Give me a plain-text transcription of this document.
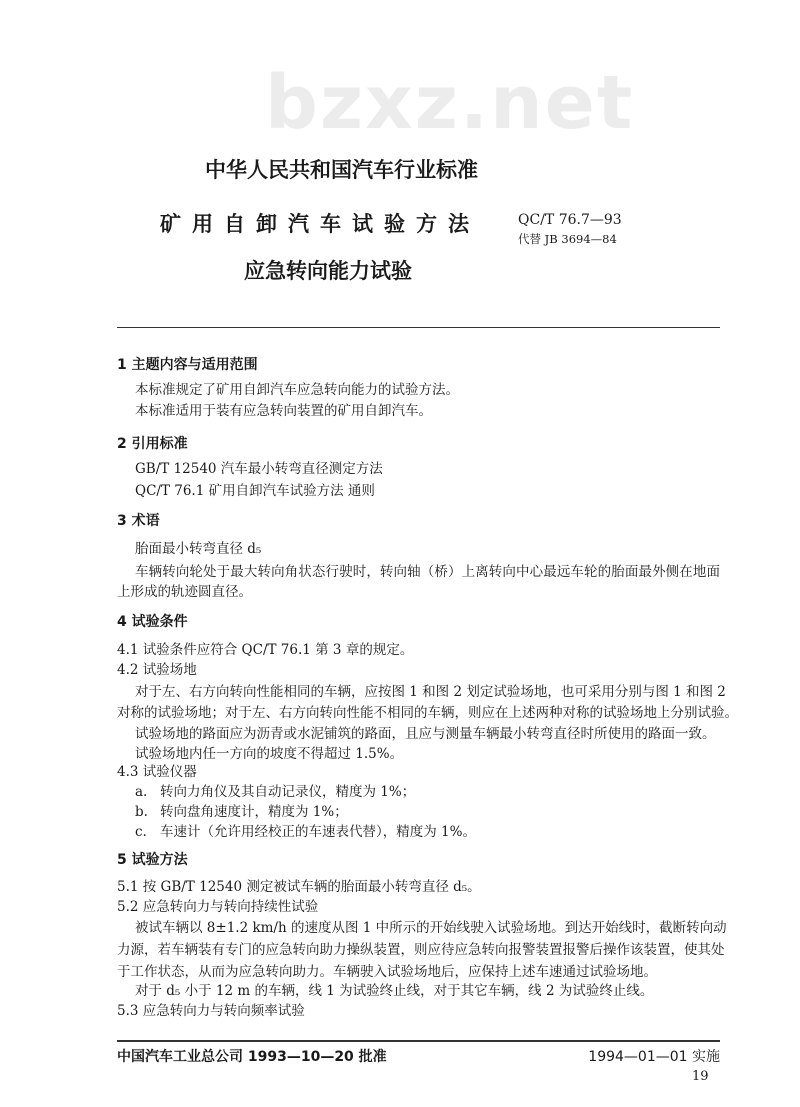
bzxz.net
中华人民共和国汽车行业标准
矿用自卸汽车试验方法
应急转向能力试验
QC/T 76.7—93
代替 JB 3694—84
1 主题内容与适用范围
本标准规定了矿用自卸汽车应急转向能力的试验方法。
本标准适用于装有应急转向装置的矿用自卸汽车。
2 引用标准
GB/T 12540 汽车最小转弯直径测定方法
QC/T 76.1 矿用自卸汽车试验方法 通则
3 术语
胎面最小转弯直径 d₅
车辆转向轮处于最大转向角状态行驶时，转向轴（桥）上离转向中心最远车轮的胎面最外侧在地面
上形成的轨迹圆直径。
4 试验条件
4.1 试验条件应符合 QC/T 76.1 第 3 章的规定。
4.2 试验场地
对于左、右方向转向性能相同的车辆，应按图 1 和图 2 划定试验场地，也可采用分别与图 1 和图 2
对称的试验场地；对于左、右方向转向性能不相同的车辆，则应在上述两种对称的试验场地上分别试验。
试验场地的路面应为沥青或水泥铺筑的路面，且应与测量车辆最小转弯直径时所使用的路面一致。
试验场地内任一方向的坡度不得超过 1.5%。
4.3 试验仪器
a. 转向力角仪及其自动记录仪，精度为 1%；
b. 转向盘角速度计，精度为 1%；
c. 车速计（允许用经校正的车速表代替），精度为 1%。
5 试验方法
5.1 按 GB/T 12540 测定被试车辆的胎面最小转弯直径 d₅。
5.2 应急转向力与转向持续性试验
被试车辆以 8±1.2 km/h 的速度从图 1 中所示的开始线驶入试验场地。到达开始线时，截断转向动
力源，若车辆装有专门的应急转向助力操纵装置，则应待应急转向报警装置报警后操作该装置，使其处
于工作状态，从而为应急转向助力。车辆驶入试验场地后，应保持上述车速通过试验场地。
对于 d₅ 小于 12 m 的车辆，线 1 为试验终止线，对于其它车辆，线 2 为试验终止线。
5.3 应急转向力与转向频率试验
中国汽车工业总公司 1993—10—20 批准	1994—01—01 实施
19
